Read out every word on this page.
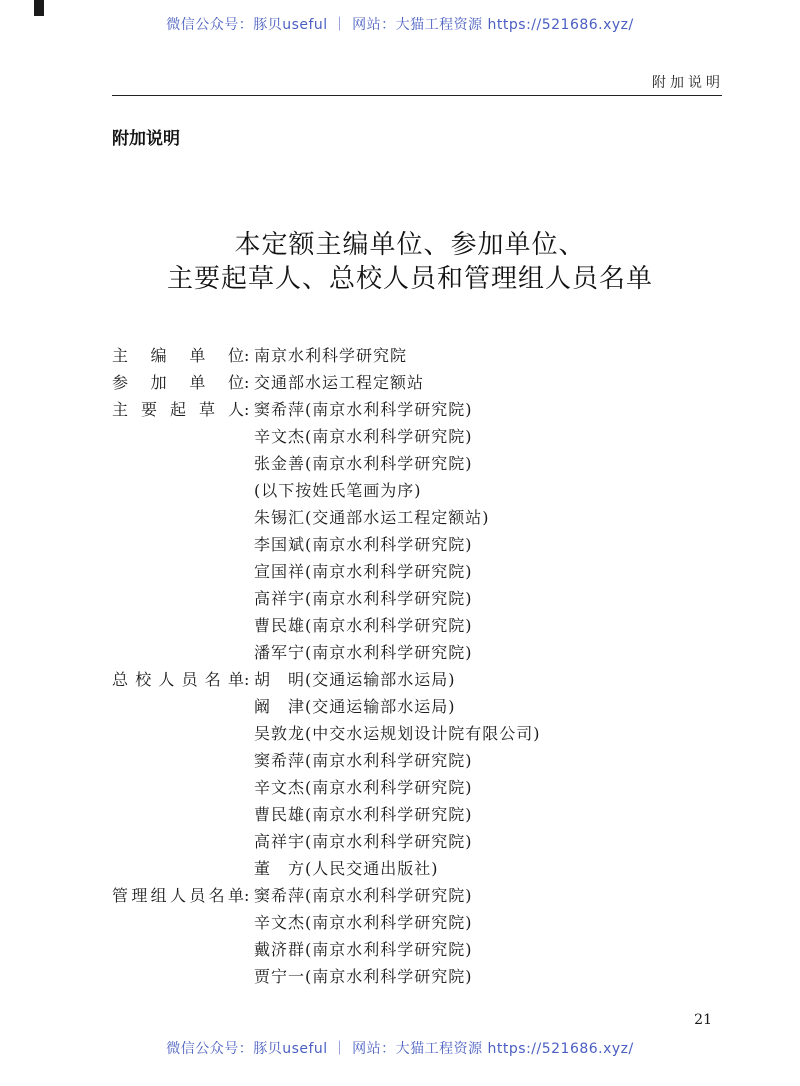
微信公众号：豚贝useful ｜ 网站：大猫工程资源 https://521686.xyz/
附加说明
附加说明
本定额主编单位、参加单位、
主要起草人、总校人员和管理组人员名单
主编单位 : 南京水利科学研究院
参加单位 : 交通部水运工程定额站
主要起草人 : 窦希萍(南京水利科学研究院)
辛文杰(南京水利科学研究院)
张金善(南京水利科学研究院)
(以下按姓氏笔画为序)
朱锡汇(交通部水运工程定额站)
李国斌(南京水利科学研究院)
宣国祥(南京水利科学研究院)
高祥宇(南京水利科学研究院)
曹民雄(南京水利科学研究院)
潘军宁(南京水利科学研究院)
总校人员名单 : 胡　明(交通运输部水运局)
阚　津(交通运输部水运局)
吴敦龙(中交水运规划设计院有限公司)
窦希萍(南京水利科学研究院)
辛文杰(南京水利科学研究院)
曹民雄(南京水利科学研究院)
高祥宇(南京水利科学研究院)
董　方(人民交通出版社)
管理组人员名单 : 窦希萍(南京水利科学研究院)
辛文杰(南京水利科学研究院)
戴济群(南京水利科学研究院)
贾宁一(南京水利科学研究院)
21
微信公众号：豚贝useful ｜ 网站：大猫工程资源 https://521686.xyz/
